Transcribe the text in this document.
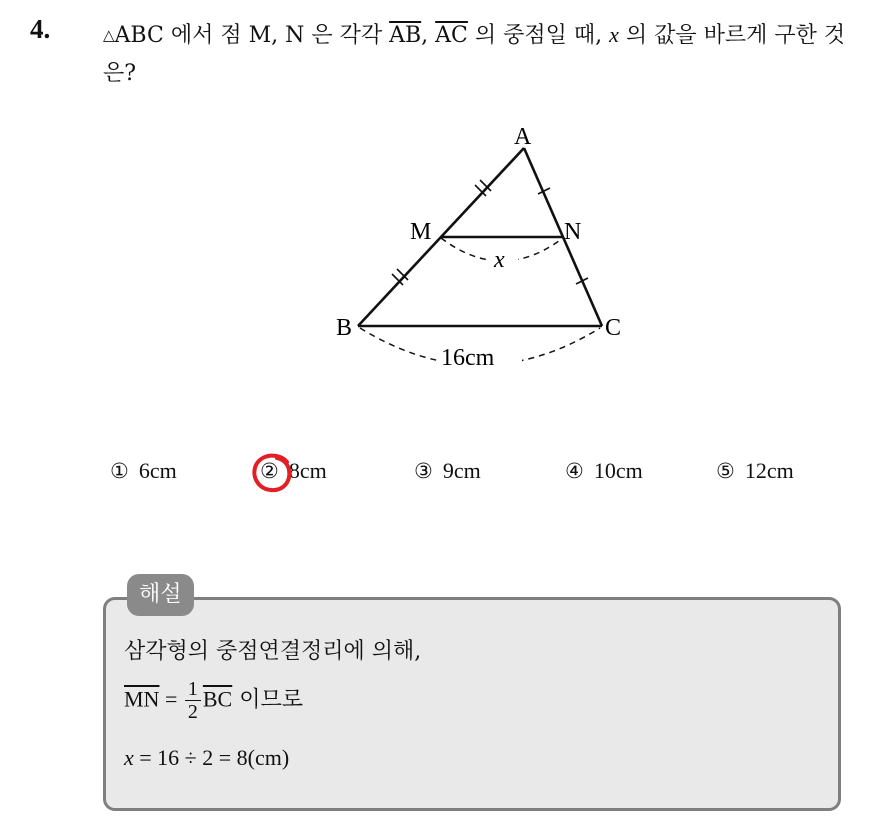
4.	△ABC 에서 점 M, N 은 각각 $\overline{AB}$, $\overline{AC}$ 의 중점일 때, x 의 값을 바르게 구한 것은?
A
M	N
B	C
x
16cm
① 6cm	② 8cm	③ 9cm	④ 10cm	⑤ 12cm
해설
삼각형의 중점연결정리에 의해,
$\overline{MN} = \frac{1}{2} \overline{BC}$ 이므로
x = 16 ÷ 2 = 8(cm)
